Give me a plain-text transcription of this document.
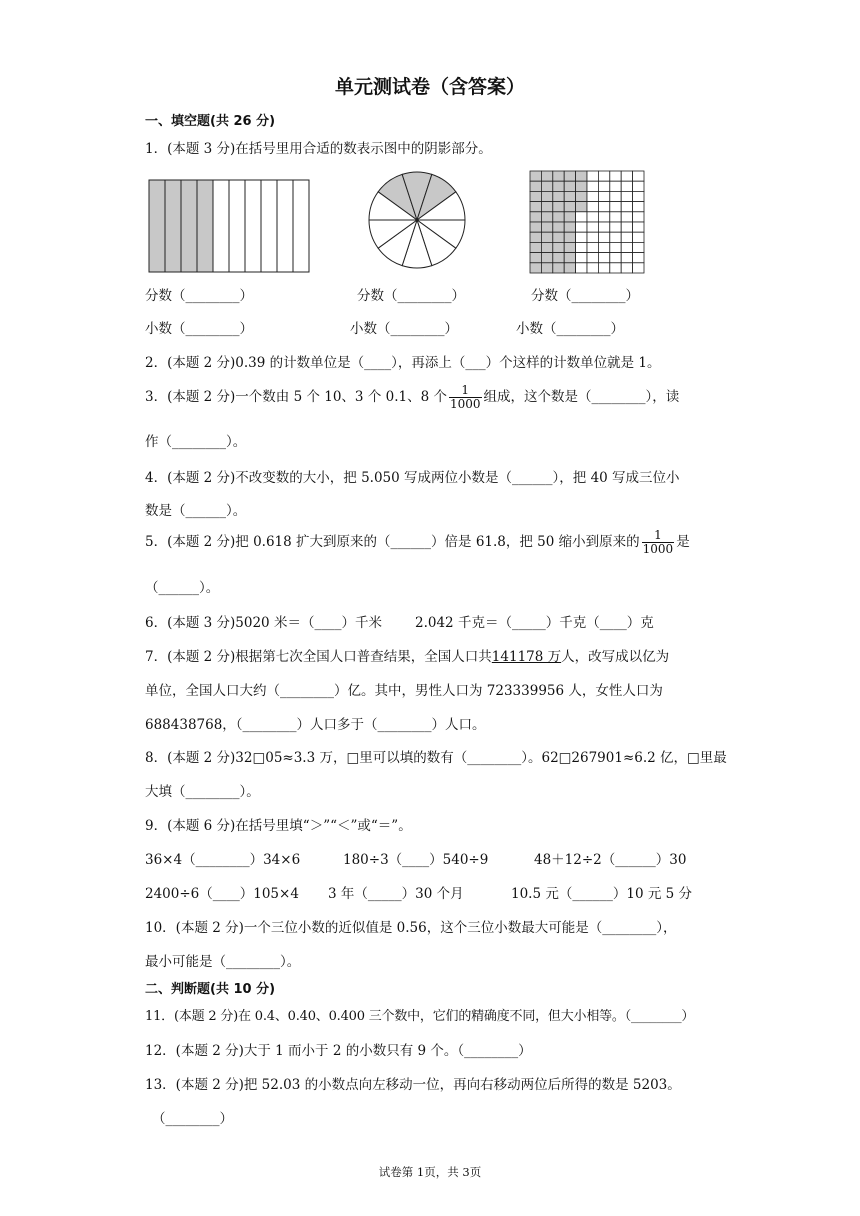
单元测试卷（含答案）
一、填空题(共 26 分)
1．(本题 3 分)在括号里用合适的数表示图中的阴影部分。
分数（________）	分数（________）	分数（________）
小数（________）	小数（________）	小数（________）
2．(本题 2 分)0.39 的计数单位是（____），再添上（___）个这样的计数单位就是 1。
3．(本题 2 分)一个数由 5 个 10、3 个 0.1、8 个 $\frac{1}{1000}$ 组成，这个数是（________），读
作（________）。
4．(本题 2 分)不改变数的大小，把 5.050 写成两位小数是（______），把 40 写成三位小
数是（______）。
5．(本题 2 分)把 0.618 扩大到原来的（______）倍是 61.8，把 50 缩小到原来的 $\frac{1}{1000}$ 是
（______）。
6．(本题 3 分)5020 米＝（____）千米 2.042 千克＝（_____）千克（____）克
7．(本题 2 分)根据第七次全国人口普查结果，全国人口共141178 万人，改写成以亿为
单位，全国人口大约（________）亿。其中，男性人口为 723339956 人，女性人口为
688438768，（________）人口多于（________）人口。
8．(本题 2 分)32□05≈3.3 万，□里可以填的数有（________）。62□267901≈6.2 亿，□里最
大填（________）。
9．(本题 6 分)在括号里填“＞”“＜”或“＝”。
36×4（________）34×6	180÷3（____）540÷9	48＋12÷2（______）30
2400÷6（____）105×4 3 年（_____）30 个月	10.5 元（______）10 元 5 分
10．(本题 2 分)一个三位小数的近似值是 0.56，这个三位小数最大可能是（________），
最小可能是（________）。
二、判断题(共 10 分)
11．(本题 2 分)在 0.4、0.40、0.400 三个数中，它们的精确度不同，但大小相等。（________）
12．(本题 2 分)大于 1 而小于 2 的小数只有 9 个。（________）
13．(本题 2 分)把 52.03 的小数点向左移动一位，再向右移动两位后所得的数是 5203。
（________）
试卷第 1页，共 3页
